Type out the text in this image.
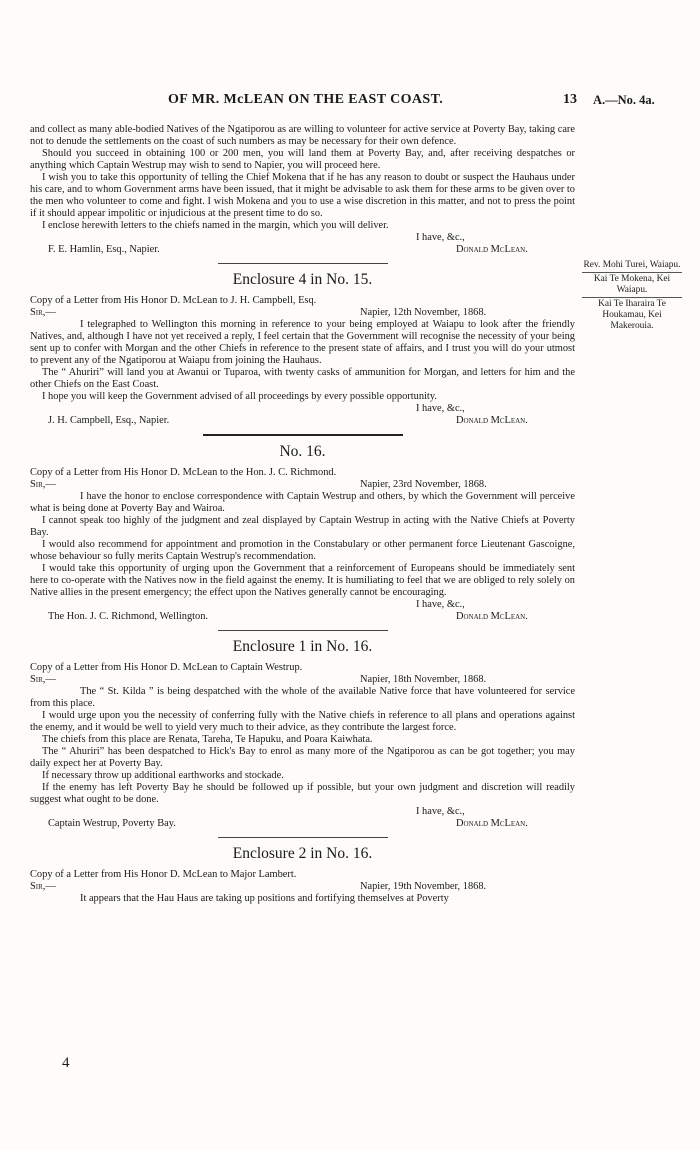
OF MR. McLEAN ON THE EAST COAST.	13 A.—No. 4a.
Rev. Mohi Turei, Waiapu.
Kai Te Mokena, Kei Waiapu.
Kai Te Iharaira Te Houkamau, Kei Makerouia.

and collect as many able-bodied Natives of the Ngatiporou as are willing to volunteer for active service at Poverty Bay, taking care not to denude the settlements on the coast of such numbers as may be necessary for their own defence.

Should you succeed in obtaining 100 or 200 men, you will land them at Poverty Bay, and, after receiving despatches or anything which Captain Westrup may wish to send to Napier, you will proceed here.

I wish you to take this opportunity of telling the Chief Mokena that if he has any reason to doubt or suspect the Hauhaus under his care, and to whom Government arms have been issued, that it might be advisable to ask them for these arms to be given over to the men who volunteer to come and fight. I wish Mokena and you to use a wise discretion in this matter, and not to press the point if it should appear impolitic or injudicious at the present time to do so.

I enclose herewith letters to the chiefs named in the margin, which you will deliver.

I have, &c.,
F. E. Hamlin, Esq., Napier.	Donald McLean.
Enclosure 4 in No. 15.

Copy of a Letter from His Honor D. McLean to J. H. Campbell, Esq.

Sir,—	Napier, 12th November, 1868.

I telegraphed to Wellington this morning in reference to your being employed at Waiapu to look after the friendly Natives, and, although I have not yet received a reply, I feel certain that the Government will recognise the necessity of your being sent up to confer with Morgan and the other Chiefs in reference to the present state of affairs, and I trust you will do your utmost to prevent any of the Ngatiporou at Waiapu from joining the Hauhaus.

The “ Ahuriri” will land you at Awanui or Tuparoa, with twenty casks of ammunition for Morgan, and letters for him and the other Chiefs on the East Coast.

I hope you will keep the Government advised of all proceedings by every possible opportunity.

I have, &c.,
J. H. Campbell, Esq., Napier.	Donald McLean.
No. 16.

Copy of a Letter from His Honor D. McLean to the Hon. J. C. Richmond.

Sir,—	Napier, 23rd November, 1868.

I have the honor to enclose correspondence with Captain Westrup and others, by which the Government will perceive what is being done at Poverty Bay and Wairoa.

I cannot speak too highly of the judgment and zeal displayed by Captain Westrup in acting with the Native Chiefs at Poverty Bay.

I would also recommend for appointment and promotion in the Constabulary or other permanent force Lieutenant Gascoigne, whose behaviour so fully merits Captain Westrup's recommendation.

I would take this opportunity of urging upon the Government that a reinforcement of Europeans should be immediately sent here to co-operate with the Natives now in the field against the enemy. It is humiliating to feel that we are obliged to rely solely on Native allies in the present emergency; the effect upon the Natives generally cannot be encouraging.

I have, &c.,
The Hon. J. C. Richmond, Wellington.	Donald McLean.
Enclosure 1 in No. 16.

Copy of a Letter from His Honor D. McLean to Captain Westrup.

Sir,—	Napier, 18th November, 1868.

The “ St. Kilda ” is being despatched with the whole of the available Native force that have volunteered for service from this place.

I would urge upon you the necessity of conferring fully with the Native chiefs in reference to all plans and operations against the enemy, and it would be well to yield very much to their advice, as they contribute the largest force.

The chiefs from this place are Renata, Tareha, Te Hapuku, and Poara Kaiwhata.

The “ Ahuriri” has been despatched to Hick's Bay to enrol as many more of the Ngatiporou as can be got together; you may daily expect her at Poverty Bay.

If necessary throw up additional earthworks and stockade.

If the enemy has left Poverty Bay he should be followed up if possible, but your own judgment and discretion will readily suggest what ought to be done.

I have, &c.,
Captain Westrup, Poverty Bay.	Donald McLean.
Enclosure 2 in No. 16.

Copy of a Letter from His Honor D. McLean to Major Lambert.

Sir,—	Napier, 19th November, 1868.

It appears that the Hau Haus are taking up positions and fortifying themselves at Poverty

4
